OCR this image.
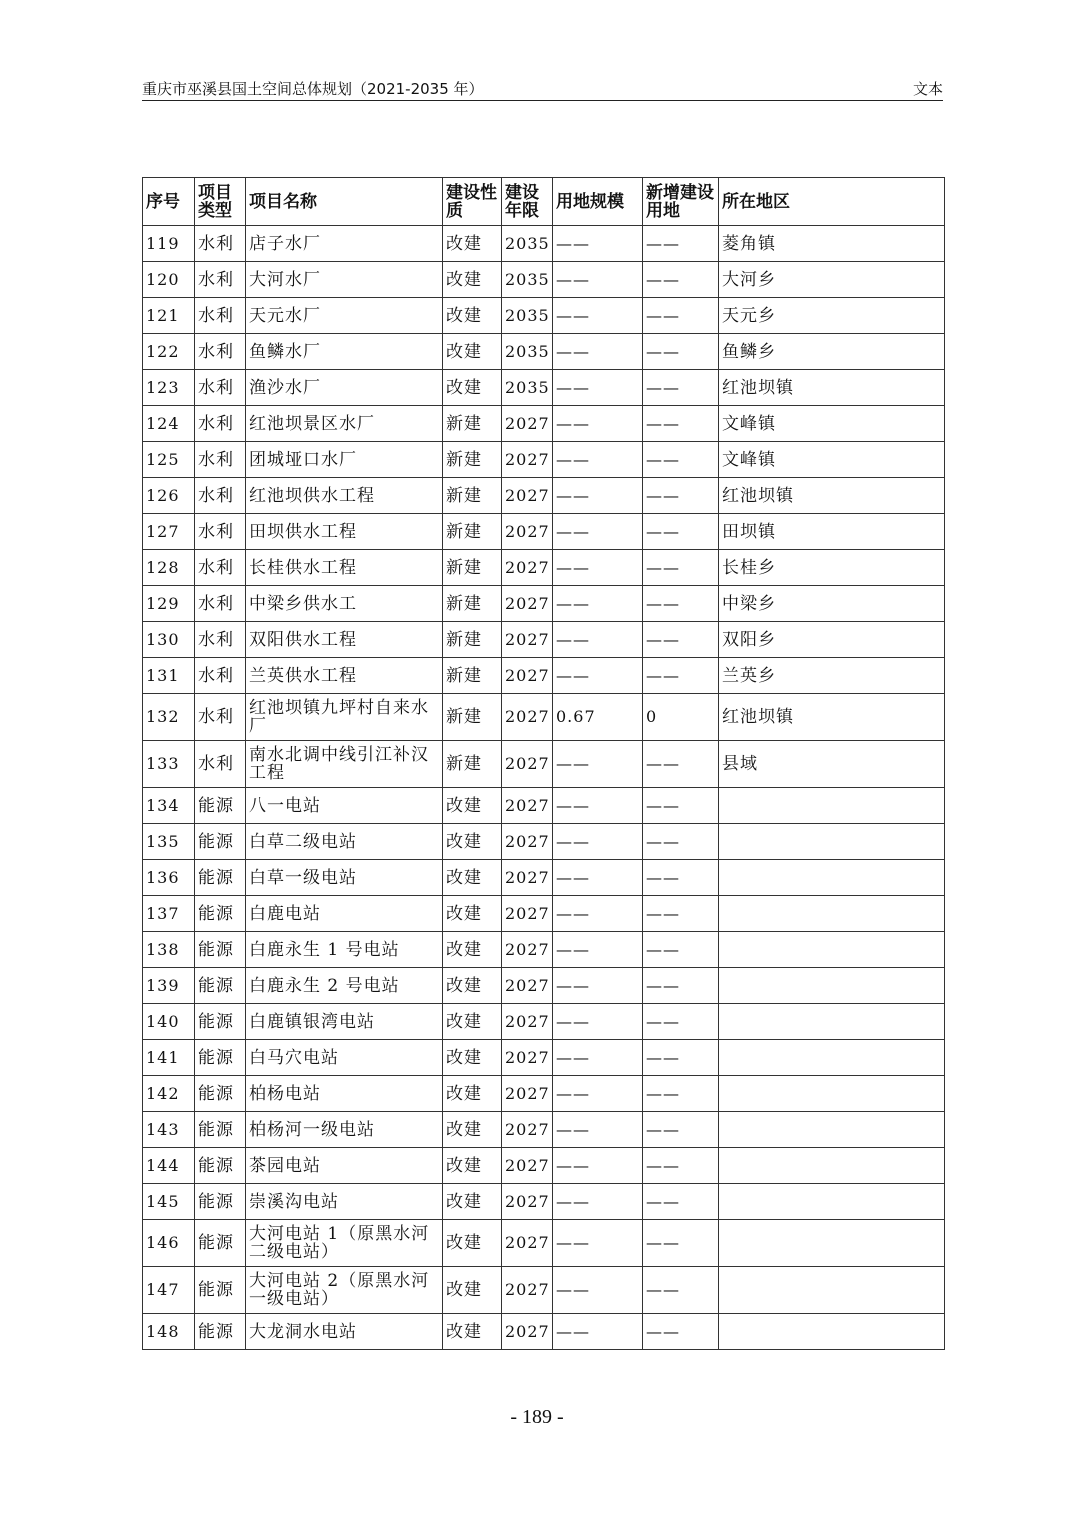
重庆市巫溪县国土空间总体规划（2021-2035 年）	文本
序号	项目类型	项目名称	建设性质	建设年限	用地规模	新增建设用地	所在地区
119	水利	店子水厂	改建	2035	——	——	菱角镇
120	水利	大河水厂	改建	2035	——	——	大河乡
121	水利	天元水厂	改建	2035	——	——	天元乡
122	水利	鱼鳞水厂	改建	2035	——	——	鱼鳞乡
123	水利	渔沙水厂	改建	2035	——	——	红池坝镇
124	水利	红池坝景区水厂	新建	2027	——	——	文峰镇
125	水利	团城垭口水厂	新建	2027	——	——	文峰镇
126	水利	红池坝供水工程	新建	2027	——	——	红池坝镇
127	水利	田坝供水工程	新建	2027	——	——	田坝镇
128	水利	长桂供水工程	新建	2027	——	——	长桂乡
129	水利	中梁乡供水工	新建	2027	——	——	中梁乡
130	水利	双阳供水工程	新建	2027	——	——	双阳乡
131	水利	兰英供水工程	新建	2027	——	——	兰英乡
132	水利	红池坝镇九坪村自来水厂	新建	2027	0.67	0	红池坝镇
133	水利	南水北调中线引江补汉工程	新建	2027	——	——	县域
134	能源	八一电站	改建	2027	——	——	
135	能源	白草二级电站	改建	2027	——	——	
136	能源	白草一级电站	改建	2027	——	——	
137	能源	白鹿电站	改建	2027	——	——	
138	能源	白鹿永生 1 号电站	改建	2027	——	——	
139	能源	白鹿永生 2 号电站	改建	2027	——	——	
140	能源	白鹿镇银湾电站	改建	2027	——	——	
141	能源	白马穴电站	改建	2027	——	——	
142	能源	柏杨电站	改建	2027	——	——	
143	能源	柏杨河一级电站	改建	2027	——	——	
144	能源	茶园电站	改建	2027	——	——	
145	能源	崇溪沟电站	改建	2027	——	——	
146	能源	大河电站 1（原黑水河二级电站）	改建	2027	——	——	
147	能源	大河电站 2（原黑水河一级电站）	改建	2027	——	——	
148	能源	大龙洞水电站	改建	2027	——	——	
- 189 -
